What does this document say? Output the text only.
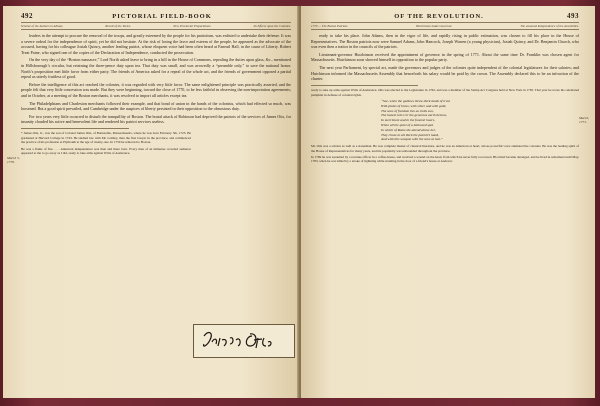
492	PICTORIAL FIELD-BOOK
Scheme of the Authors in Albany.	Revolt of the Tories.	New Provincial Preparations.	Its Effects upon the Colonies.

leaders in the attempt to procure the removal of the troops, and greatly esteemed by the people for his patriotism, was enlisted to undertake their defense. It was a severe ordeal for the independence of spirit, yet he did not hesitate. At the risk of losing the favor and esteem of the people, he appeared as the advocate of the accused, having for his colleague Josiah Quincy, another leading patriot, whose eloquent voice had been often heard at Faneuil Hall, in the cause of Liberty. Robert Treat Paine, who signed one of the copies of the Declaration of Independence, conducted the prosecution.

On the very day of the “Boston massacre,” Lord North asked leave to bring in a bill in the House of Commons, repealing the duties upon glass, &c., mentioned in Hillsborough’s circular, but retaining the three-pence duty upon tea. That duty was small, and was avowedly a “preamble only,” to save the national honor. North’s proposition met little favor from either party. The friends of America asked for a repeal of the whole act, and the friends of government opposed a partial repeal as utterly fruitless of good.

Before the intelligence of this act reached the colonies, it was regarded with very little favor. The same enlightened principle was practically asserted, and the people felt that very little concession was made. But they were beginning, toward the close of 1770, to be less faithful in observing the non-importation agreements; and in October, at a meeting of the Boston merchants, it was resolved to import all articles except tea.

The Philadelphians and Charleston merchants followed their example, and that bond of union in the hands of the colonists, which had effected so much, was loosened. But a good spirit prevailed, and Cambridge under the auspices of liberty persisted in their opposition to the obnoxious duty.

For two years very little occurred to disturb the tranquillity of Boston. The brutal attack of Robinson had deprived the patriots of the services of James Otis, for insanity clouded his active and benevolent life and rendered his patriot services useless.

* James Otis, Jr., was the son of Colonel James Otis, of Barnstable, Massachusetts, where he was born February 5th, 1725. He graduated at Harvard College in 1743. He studied law with Mr. Gridley, then the first lawyer in the province, and commenced the practice of his profession at Plymouth at the age of twenty-one. In 1750 he removed to Boston.

He was a flame of fire. . . . American independence was then and there born. Every man of an immense crowded audience appeared to me to go away as I did, ready to take arms against Writs of Assistance.

March 5, 1770.
James Otis
OF THE REVOLUTION.	493
1770 — The Boston Patriots.	Hutchinson made Governor.	The assumed Independence of the Assemblies.

ready to take his place. John Adams, then in the vigor of life, and rapidly rising in public estimation, was chosen to fill his place in the House of Representatives. The Boston patriots now were Samuel Adams, John Hancock, Joseph Warren (a young physician), Josiah Quincy, and Dr. Benjamin Church, who was even then a traitor in the councils of the patriots.

Lieutenant-governor Hutchinson received the appointment of governor in the spring of 1771. About the same time Dr. Franklin was chosen agent for Massachusetts. Hutchinson soon showed himself in opposition to the popular party.

The next year Parliament, by special act, made the governors and judges of the colonies quite independent of the colonial legislatures for their salaries; and Hutchinson informed the Massachusetts Assembly that henceforth his salary would be paid by the crown. The Assembly declared this to be an infraction of the charter.

ready to take up arms against Writs of Assistance. Otis was elected to the Legislature in 1762, and was a member of the Stamp Act Congress held at New York in 1765. That year he wrote his celebrated pamphlet in defense of colonial rights.

“See, when the gallows throw thick lands of trust
With plates of brass, with silver and with gold,
The sons of freedom lies as trolls sun,
The honest toil o’er the generous earth bestow,
In merriment and in the funeral hours,
When all the quiet of a hallowed spot
In which of Rome the attend above her,
They chose to all thick the patriot’s hand,
And with this weapon with the sons at last.”

Mr. Otis was a scholar as well as a statesman. He was complete master of classical literature, and he was an American at heart, whose powerful voice animated the colonies. He was the leading spirit of the House of Representatives for many years, and his popularity was unbounded throughout the province.

In 1769 he was assaulted by a revenue officer in a coffee-house, and received a wound on the head, from which he never fully recovered. His mind became deranged, and he lived in retirement until May, 1783, when he was killed by a stroke of lightning while standing in the door of a friend’s house at Andover.

March, 1771.
